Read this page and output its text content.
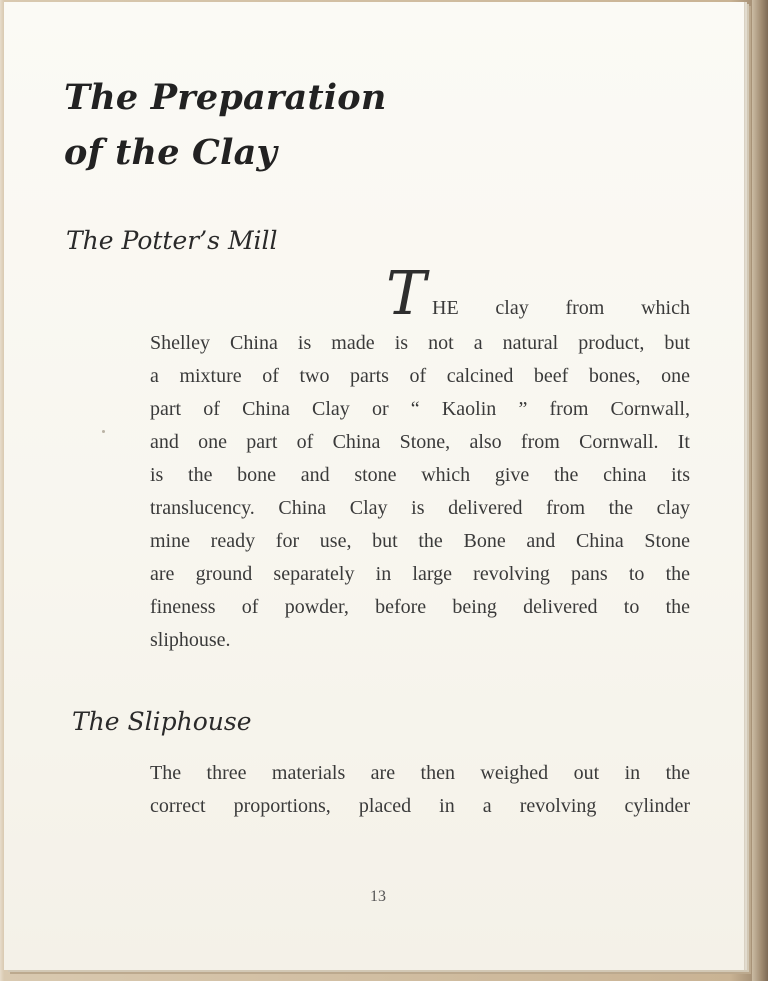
The Preparation
of the Clay
The Potter’s Mill
T HE clay from which
Shelley China is made is not a natural product, but
a mixture of two parts of calcined beef bones, one
part of China Clay or “ Kaolin ” from Cornwall,
and one part of China Stone, also from Cornwall. It
is the bone and stone which give the china its
translucency. China Clay is delivered from the clay
mine ready for use, but the Bone and China Stone
are ground separately in large revolving pans to the
fineness of powder, before being delivered to the
sliphouse.
The Sliphouse
The three materials are then weighed out in the
correct proportions, placed in a revolving cylinder
13
